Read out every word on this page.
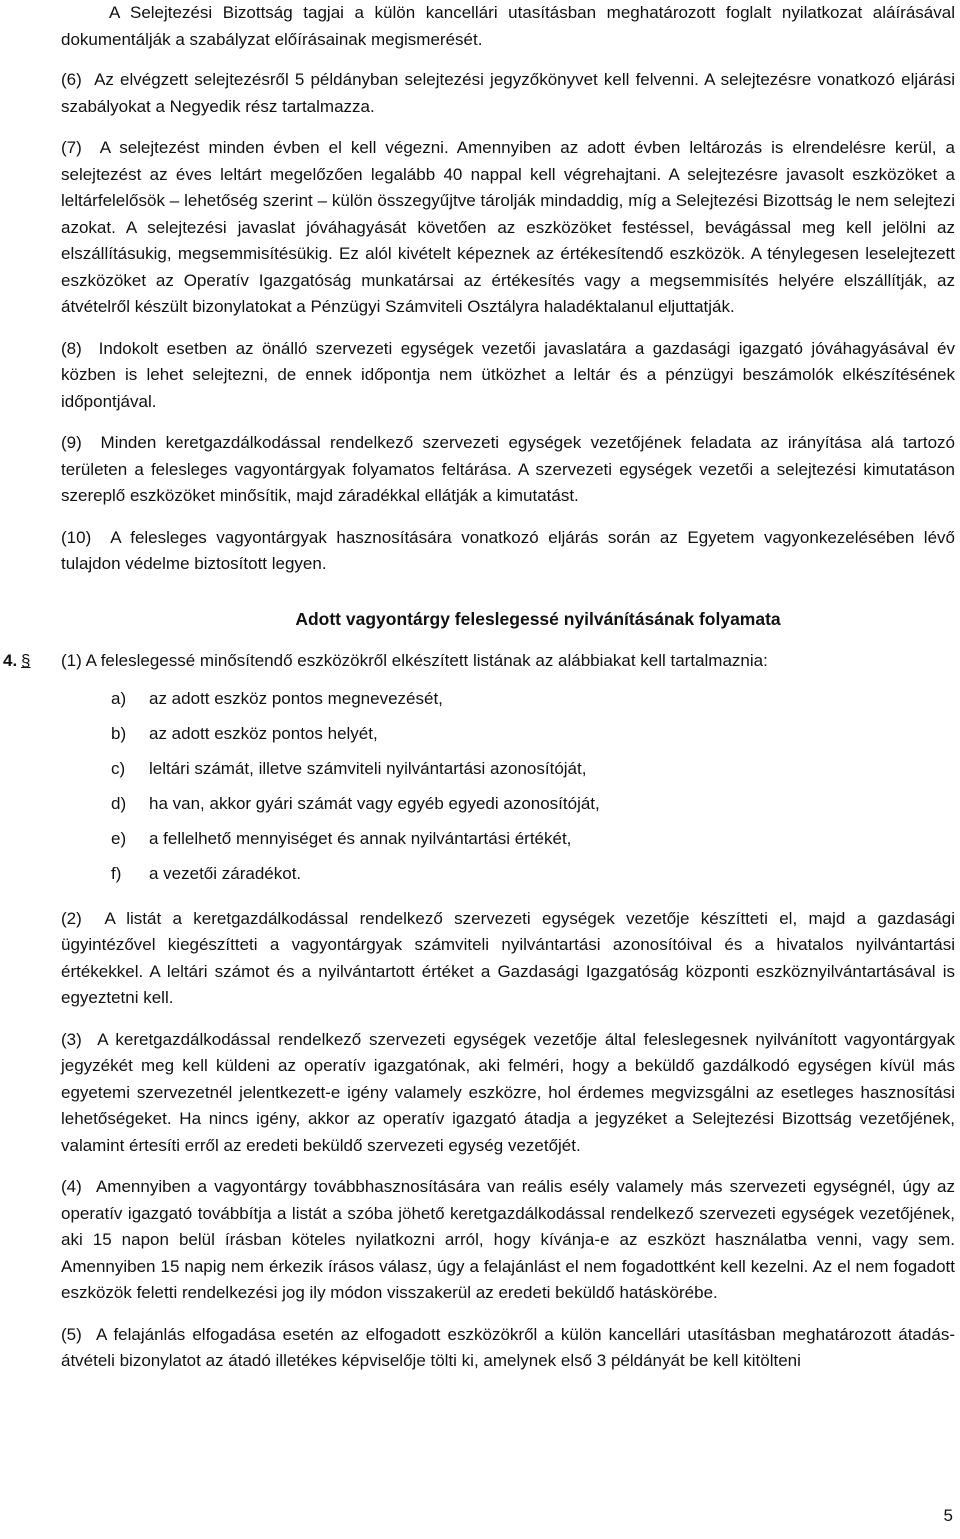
A Selejtezési Bizottság tagjai a külön kancellári utasításban meghatározott foglalt nyilatkozat aláírásával dokumentálják a szabályzat előírásainak megismerését.

(6) Az elvégzett selejtezésről 5 példányban selejtezési jegyzőkönyvet kell felvenni. A selejtezésre vonatkozó eljárási szabályokat a Negyedik rész tartalmazza.

(7) A selejtezést minden évben el kell végezni. Amennyiben az adott évben leltározás is elrendelésre kerül, a selejtezést az éves leltárt megelőzően legalább 40 nappal kell végrehajtani. A selejtezésre javasolt eszközöket a leltárfelelősök – lehetőség szerint – külön összegyűjtve tárolják mindaddig, míg a Selejtezési Bizottság le nem selejtezi azokat. A selejtezési javaslat jóváhagyását követően az eszközöket festéssel, bevágással meg kell jelölni az elszállításukig, megsemmisítésükig. Ez alól kivételt képeznek az értékesítendő eszközök. A ténylegesen leselejtezett eszközöket az Operatív Igazgatóság munkatársai az értékesítés vagy a megsemmisítés helyére elszállítják, az átvételről készült bizonylatokat a Pénzügyi Számviteli Osztályra haladéktalanul eljuttatják.

(8) Indokolt esetben az önálló szervezeti egységek vezetői javaslatára a gazdasági igazgató jóváhagyásával év közben is lehet selejtezni, de ennek időpontja nem ütközhet a leltár és a pénzügyi beszámolók elkészítésének időpontjával.

(9) Minden keretgazdálkodással rendelkező szervezeti egységek vezetőjének feladata az irányítása alá tartozó területen a felesleges vagyontárgyak folyamatos feltárása. A szervezeti egységek vezetői a selejtezési kimutatáson szereplő eszközöket minősítik, majd záradékkal ellátják a kimutatást.

(10) A felesleges vagyontárgyak hasznosítására vonatkozó eljárás során az Egyetem vagyonkezelésében lévő tulajdon védelme biztosított legyen.

Adott vagyontárgy feleslegessé nyilvánításának folyamata
4. § (1) A feleslegessé minősítendő eszközökről elkészített listának az alábbiakat kell tartalmaznia:

a) az adott eszköz pontos megnevezését,
b) az adott eszköz pontos helyét,
c) leltári számát, illetve számviteli nyilvántartási azonosítóját,
d) ha van, akkor gyári számát vagy egyéb egyedi azonosítóját,
e) a fellelhető mennyiséget és annak nyilvántartási értékét,
f) a vezetői záradékot.

(2) A listát a keretgazdálkodással rendelkező szervezeti egységek vezetője készítteti el, majd a gazdasági ügyintézővel kiegészítteti a vagyontárgyak számviteli nyilvántartási azonosítóival és a hivatalos nyilvántartási értékekkel. A leltári számot és a nyilvántartott értéket a Gazdasági Igazgatóság központi eszköznyilvántartásával is egyeztetni kell.

(3) A keretgazdálkodással rendelkező szervezeti egységek vezetője által feleslegesnek nyilvánított vagyontárgyak jegyzékét meg kell küldeni az operatív igazgatónak, aki felméri, hogy a beküldő gazdálkodó egységen kívül más egyetemi szervezetnél jelentkezett-e igény valamely eszközre, hol érdemes megvizsgálni az esetleges hasznosítási lehetőségeket. Ha nincs igény, akkor az operatív igazgató átadja a jegyzéket a Selejtezési Bizottság vezetőjének, valamint értesíti erről az eredeti beküldő szervezeti egység vezetőjét.

(4) Amennyiben a vagyontárgy továbbhasznosítására van reális esély valamely más szervezeti egységnél, úgy az operatív igazgató továbbítja a listát a szóba jöhető keretgazdálkodással rendelkező szervezeti egységek vezetőjének, aki 15 napon belül írásban köteles nyilatkozni arról, hogy kívánja-e az eszközt használatba venni, vagy sem. Amennyiben 15 napig nem érkezik írásos válasz, úgy a felajánlást el nem fogadottként kell kezelni. Az el nem fogadott eszközök feletti rendelkezési jog ily módon visszakerül az eredeti beküldő hatáskörébe.

(5) A felajánlás elfogadása esetén az elfogadott eszközökről a külön kancellári utasításban meghatározott átadás-átvételi bizonylatot az átadó illetékes képviselője tölti ki, amelynek első 3 példányát be kell kitölteni

5
